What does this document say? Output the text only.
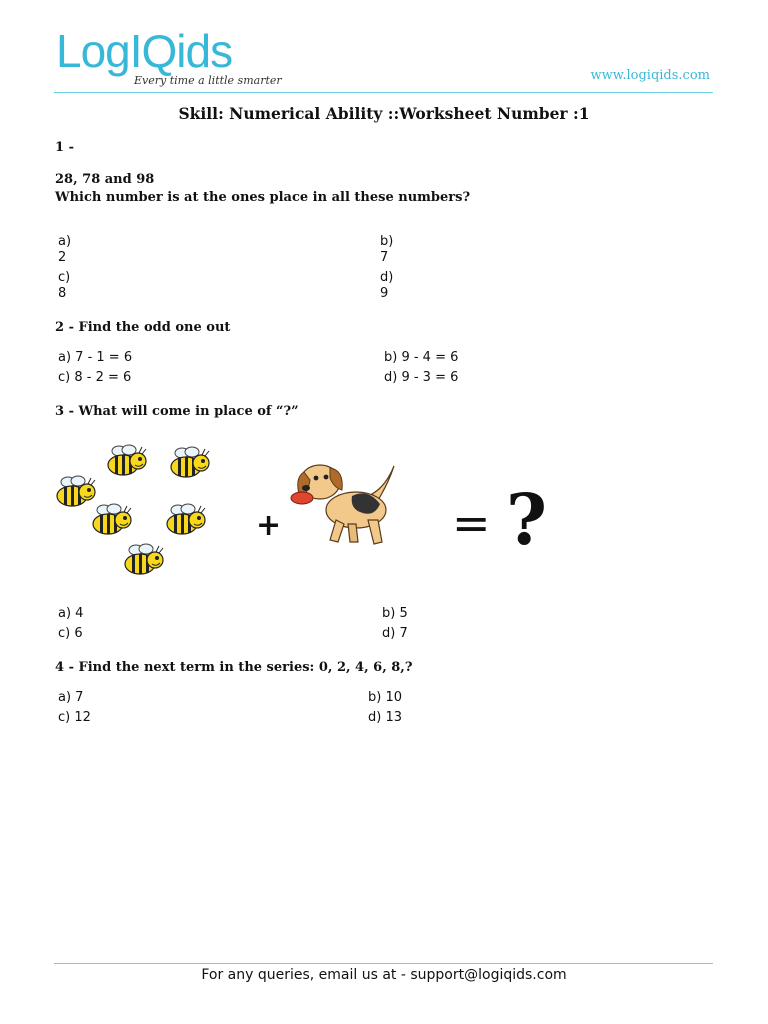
LogIQids
Every time a little smarter	www.logiqids.com
Skill: Numerical Ability ::Worksheet Number :1
1 -
28, 78 and 98
Which number is at the ones place in all these numbers?
a)
2
b)
7
c)
8
d)
9
2 - Find the odd one out
a) 7 - 1 = 6	b) 9 - 4 = 6
c) 8 - 2 = 6	d) 9 - 3 = 6
3 - What will come in place of “?”
+	= ?
a) 4	b) 5
c) 6	d) 7
4 - Find the next term in the series: 0, 2, 4, 6, 8,?
a) 7	b) 10
c) 12	d) 13
For any queries, email us at - support@logiqids.com
